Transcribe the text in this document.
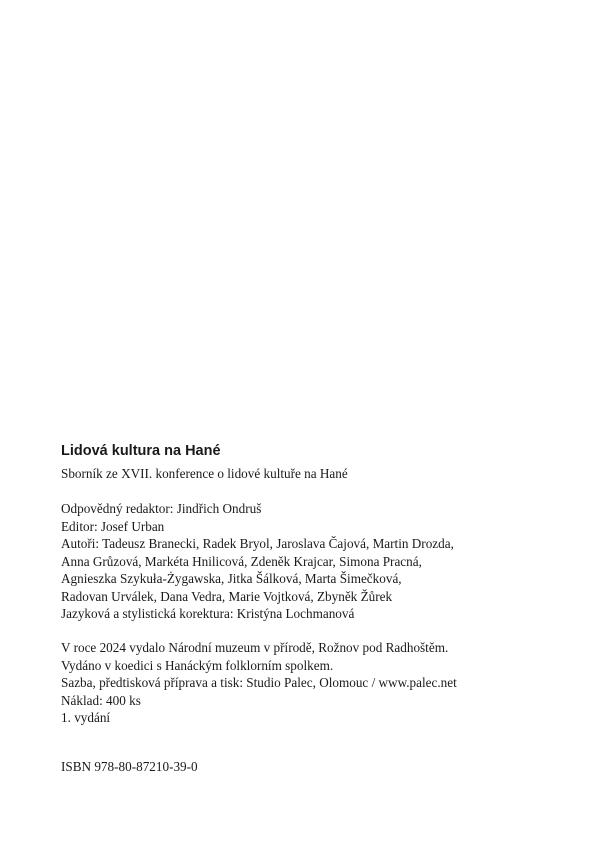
Lidová kultura na Hané
Sborník ze XVII. konference o lidové kultuře na Hané
Odpovědný redaktor: Jindřich Ondruš
Editor: Josef Urban
Autoři: Tadeusz Branecki, Radek Bryol, Jaroslava Čajová, Martin Drozda,
Anna Grůzová, Markéta Hnilicová, Zdeněk Krajcar, Simona Pracná,
Agnieszka Szykuła-Żygawska, Jitka Šálková, Marta Šimečková,
Radovan Urválek, Dana Vedra, Marie Vojtková, Zbyněk Žůrek
Jazyková a stylistická korektura: Kristýna Lochmanová
V roce 2024 vydalo Národní muzeum v přírodě, Rožnov pod Radhoštěm.
Vydáno v koedici s Hanáckým folklorním spolkem.
Sazba, předtisková příprava a tisk: Studio Palec, Olomouc / www.palec.net
Náklad: 400 ks
1. vydání
ISBN 978-80-87210-39-0
